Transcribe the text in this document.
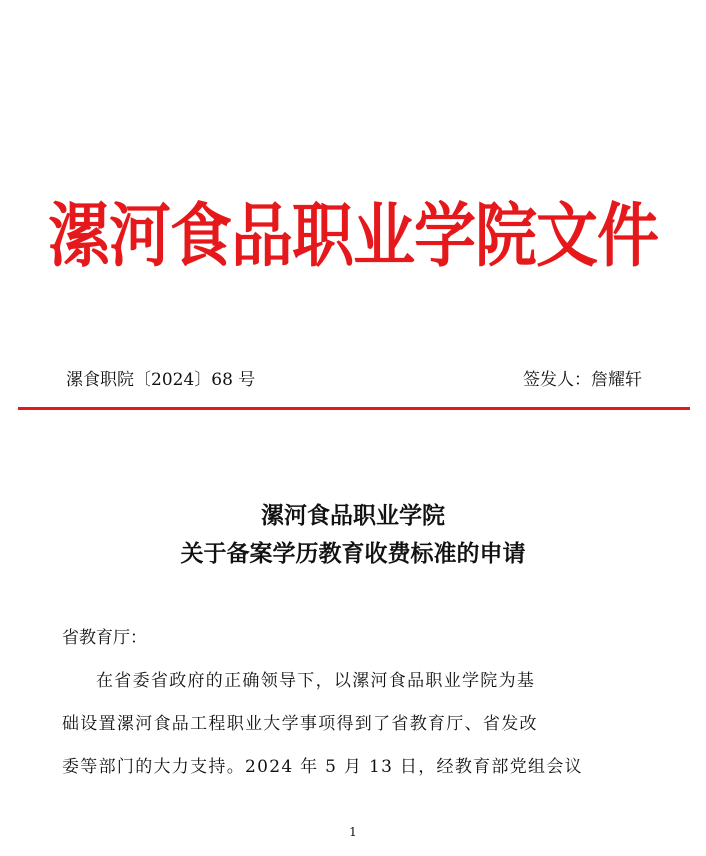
漯河食品职业学院文件
漯食职院〔2024〕68 号	签发人：詹耀轩
漯河食品职业学院
关于备案学历教育收费标准的申请
省教育厅：
在省委省政府的正确领导下，以漯河食品职业学院为基
础设置漯河食品工程职业大学事项得到了省教育厅、省发改
委等部门的大力支持。2024 年 5 月 13 日，经教育部党组会议
1
